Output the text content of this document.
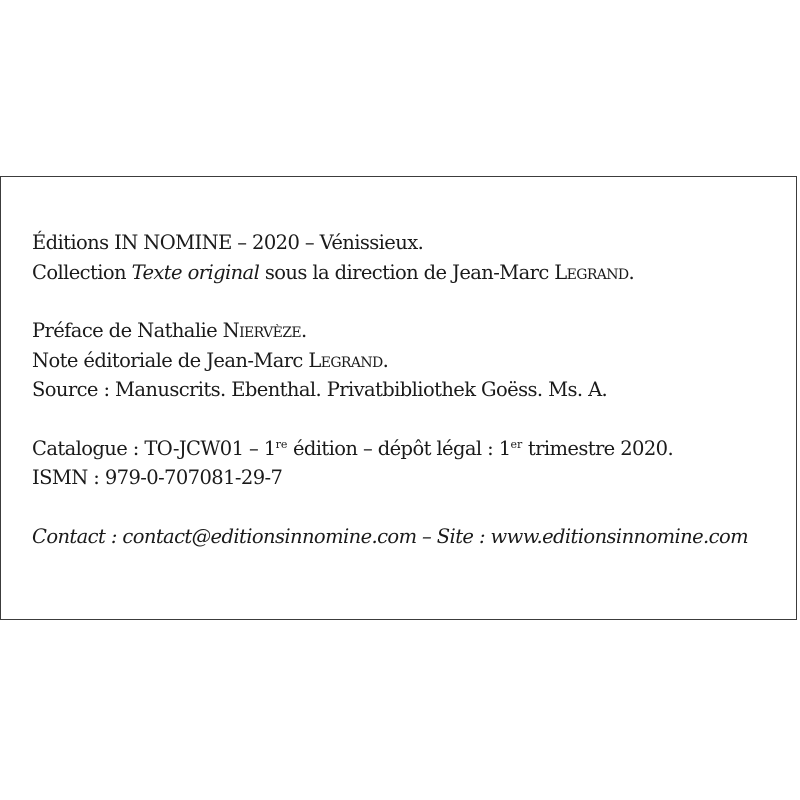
Éditions IN NOMINE – 2020 – Vénissieux.
Collection Texte original sous la direction de Jean-Marc Legrand.
Préface de Nathalie Niervèze.
Note éditoriale de Jean-Marc Legrand.
Source : Manuscrits. Ebenthal. Privatbibliothek Goëss. Ms. A.
Catalogue : TO-JCW01 – 1re édition – dépôt légal : 1er trimestre 2020.
ISMN : 979-0-707081-29-7
Contact : contact@editionsinnomine.com – Site : www.editionsinnomine.com
